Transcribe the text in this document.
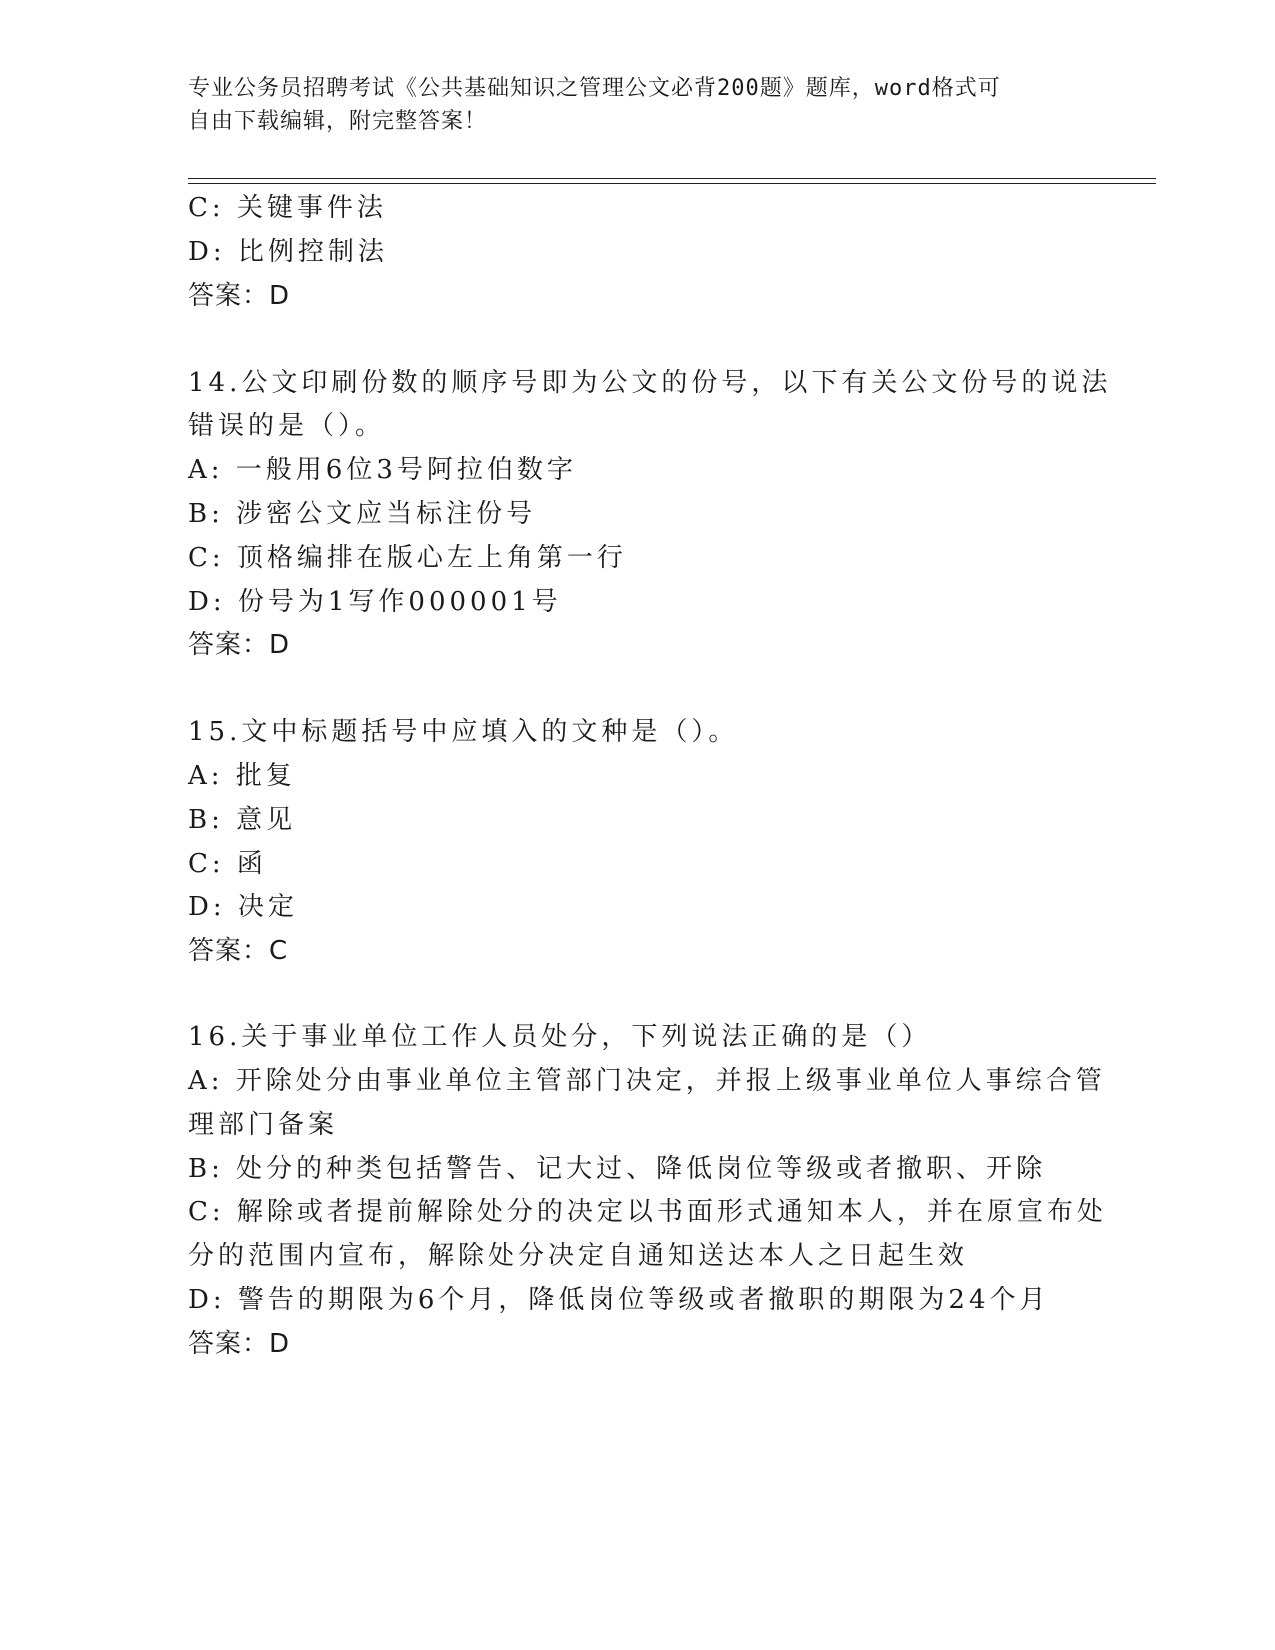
专业公务员招聘考试《公共基础知识之管理公文必背200题》题库，word格式可
自由下载编辑，附完整答案！
C: 关键事件法
D: 比例控制法
答案：D
14.公文印刷份数的顺序号即为公文的份号，以下有关公文份号的说法
错误的是（）。
A: 一般用6位3号阿拉伯数字
B: 涉密公文应当标注份号
C: 顶格编排在版心左上角第一行
D: 份号为1写作000001号
答案：D
15.文中标题括号中应填入的文种是（）。
A: 批复
B: 意见
C: 函
D: 决定
答案：C
16.关于事业单位工作人员处分，下列说法正确的是（）
A: 开除处分由事业单位主管部门决定，并报上级事业单位人事综合管
理部门备案
B: 处分的种类包括警告、记大过、降低岗位等级或者撤职、开除
C: 解除或者提前解除处分的决定以书面形式通知本人，并在原宣布处
分的范围内宣布，解除处分决定自通知送达本人之日起生效
D: 警告的期限为6个月，降低岗位等级或者撤职的期限为24个月
答案：D
